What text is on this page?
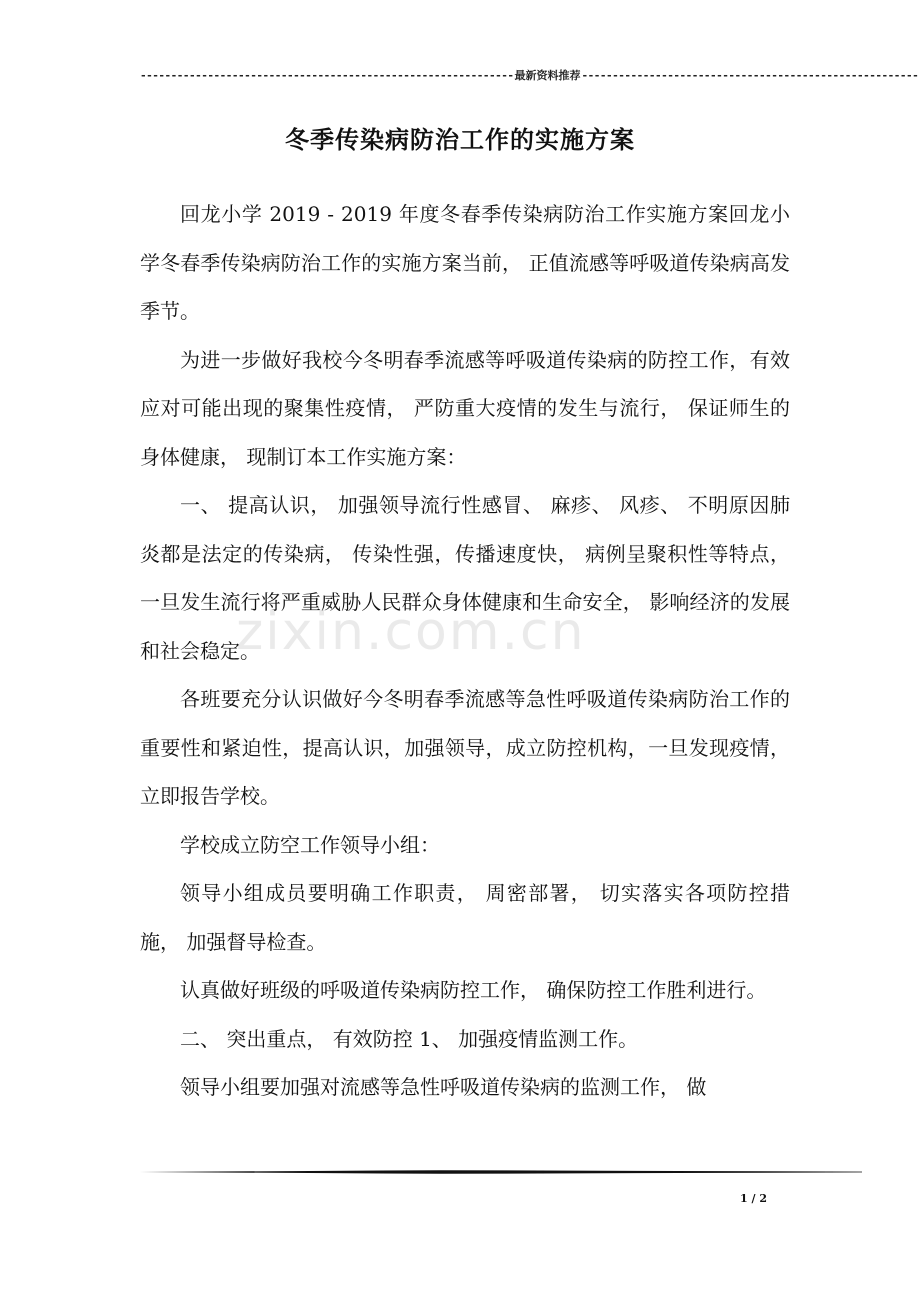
------------------------------------------------------------- 最新资料推荐 -------------------------------------------------------
冬季传染病防治工作的实施方案

回龙小学 2019 - 2019 年度冬春季传染病防治工作实施方案回龙小学冬春季传染病防治工作的实施方案当前， 正值流感等呼吸道传染病高发季节。

为进一步做好我校今冬明春季流感等呼吸道传染病的防控工作，有效应对可能出现的聚集性疫情， 严防重大疫情的发生与流行， 保证师生的身体健康， 现制订本工作实施方案：

一、 提高认识， 加强领导流行性感冒、 麻疹、 风疹、 不明原因肺炎都是法定的传染病， 传染性强，传播速度快， 病例呈聚积性等特点， 一旦发生流行将严重威胁人民群众身体健康和生命安全， 影响经济的发展和社会稳定。

各班要充分认识做好今冬明春季流感等急性呼吸道传染病防治工作的重要性和紧迫性，提高认识，加强领导，成立防控机构，一旦发现疫情， 立即报告学校。

学校成立防空工作领导小组：

领导小组成员要明确工作职责， 周密部署， 切实落实各项防控措施， 加强督导检查。

认真做好班级的呼吸道传染病防控工作， 确保防控工作胜利进行。

二、 突出重点， 有效防控 1、 加强疫情监测工作。

领导小组要加强对流感等急性呼吸道传染病的监测工作， 做

zixin.com.cn
1 / 2
